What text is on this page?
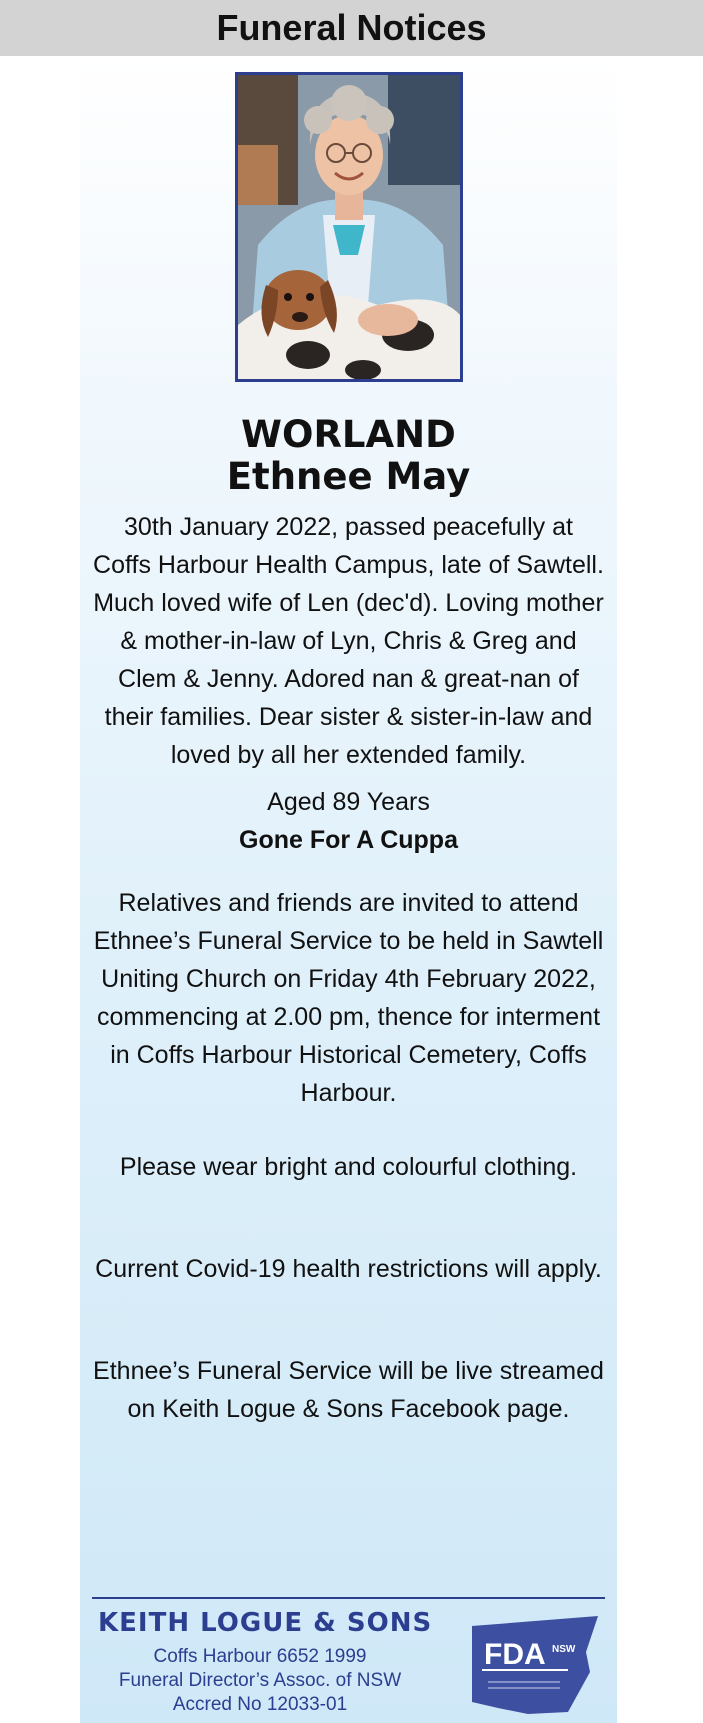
Funeral Notices
WORLAND
Ethnee May

30th January 2022, passed peacefully at Coffs Harbour Health Campus, late of Sawtell. Much loved wife of Len (dec'd). Loving mother & mother-in-law of Lyn, Chris & Greg and Clem & Jenny. Adored nan & great-nan of their families. Dear sister & sister-in-law and loved by all her extended family.

Aged 89 Years

Gone For A Cuppa

Relatives and friends are invited to attend Ethnee’s Funeral Service to be held in Sawtell Uniting Church on Friday 4th February 2022, commencing at 2.00 pm, thence for interment in Coffs Harbour Historical Cemetery, Coffs Harbour.

Please wear bright and colourful clothing.

Current Covid-19 health restrictions will apply.

Ethnee’s Funeral Service will be live streamed on Keith Logue & Sons Facebook page.

KEITH LOGUE & SONS
Coffs Harbour 6652 1999
Funeral Director’s Assoc. of NSW
Accred No 12033-01
FDA NSW
